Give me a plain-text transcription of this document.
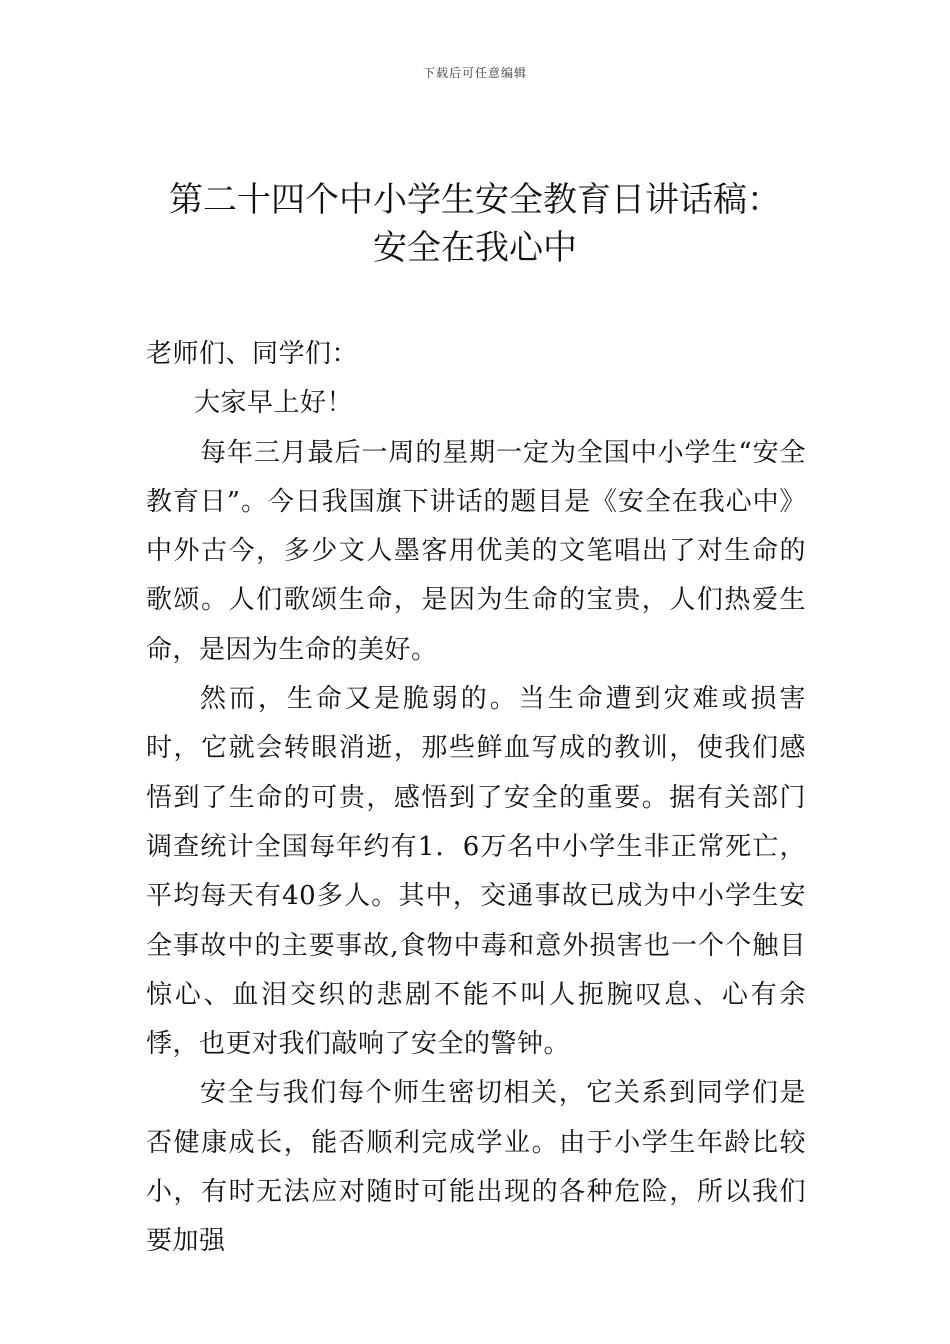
下载后可任意编辑
第二十四个中小学生安全教育日讲话稿：
安全在我心中

老师们、同学们：

大家早上好！

每年三月最后一周的星期一定为全国中小学生“安全教育日”。今日我国旗下讲话的题目是《安全在我心中》中外古今，多少文人墨客用优美的文笔唱出了对生命的歌颂。人们歌颂生命，是因为生命的宝贵，人们热爱生命，是因为生命的美好。

然而，生命又是脆弱的。当生命遭到灾难或损害时，它就会转眼消逝，那些鲜血写成的教训，使我们感悟到了生命的可贵，感悟到了安全的重要。据有关部门调查统计全国每年约有1．6万名中小学生非正常死亡，平均每天有40多人。其中，交通事故已成为中小学生安全事故中的主要事故,食物中毒和意外损害也一个个触目惊心、血泪交织的悲剧不能不叫人扼腕叹息、心有余悸，也更对我们敲响了安全的警钟。

安全与我们每个师生密切相关，它关系到同学们是否健康成长，能否顺利完成学业。由于小学生年龄比较小，有时无法应对随时可能出现的各种危险，所以我们要加强
